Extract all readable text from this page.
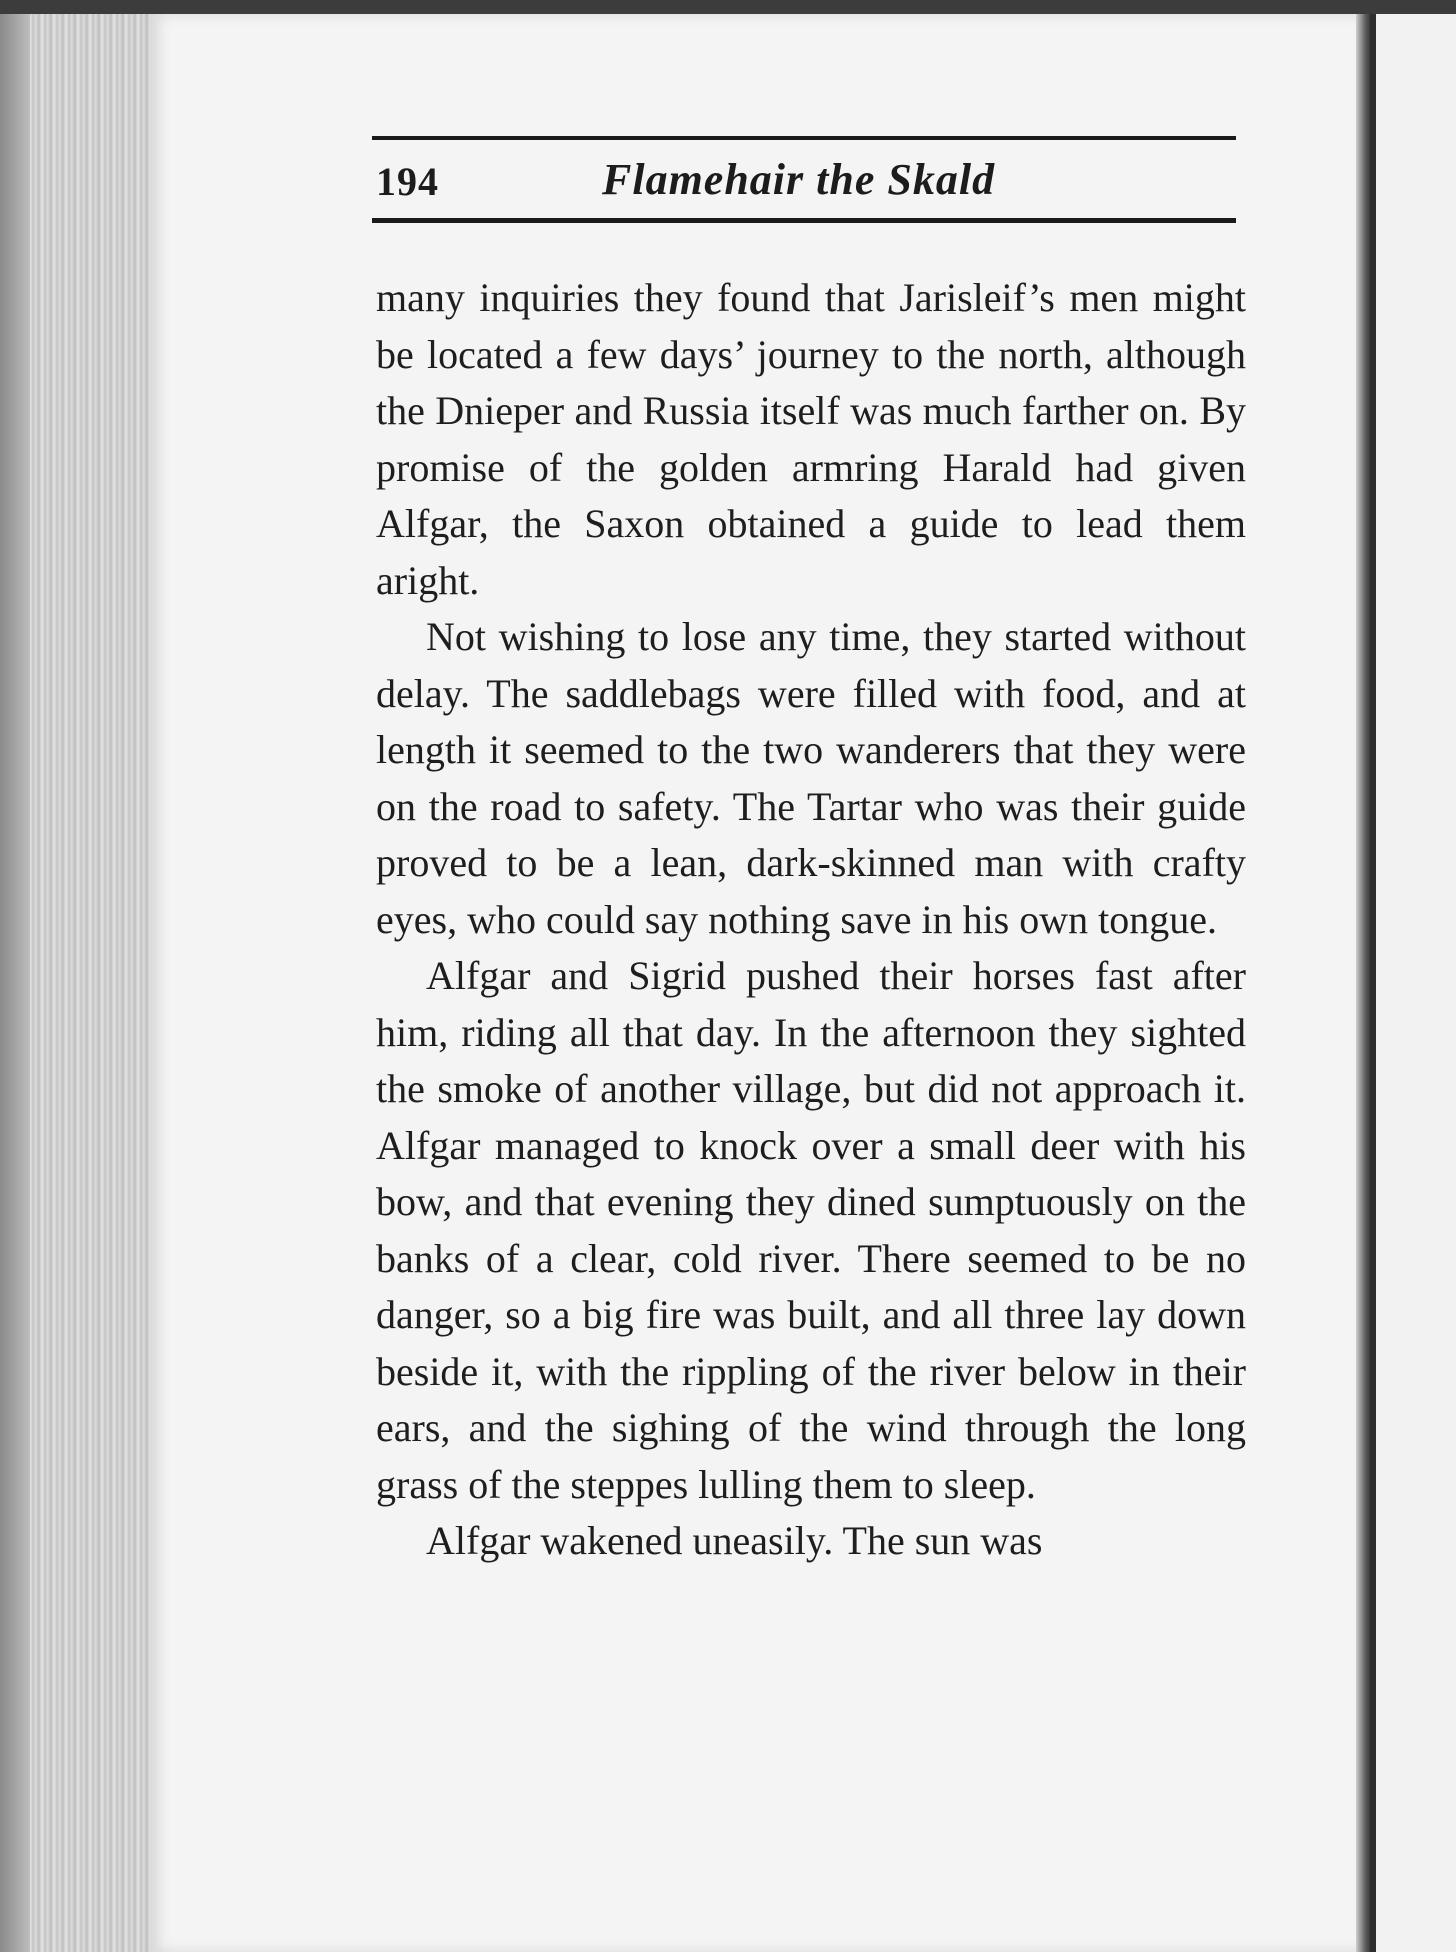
194	Flamehair the Skald

many inquiries they found that Jarisleif’s men might be located a few days’ journey to the north, although the Dnieper and Russia itself was much farther on. By promise of the golden armring Harald had given Alfgar, the Saxon obtained a guide to lead them aright.

Not wishing to lose any time, they started without delay. The saddlebags were filled with food, and at length it seemed to the two wanderers that they were on the road to safety. The Tartar who was their guide proved to be a lean, dark-skinned man with crafty eyes, who could say nothing save in his own tongue.

Alfgar and Sigrid pushed their horses fast after him, riding all that day. In the afternoon they sighted the smoke of another village, but did not approach it. Alfgar managed to knock over a small deer with his bow, and that evening they dined sumptuously on the banks of a clear, cold river. There seemed to be no danger, so a big fire was built, and all three lay down beside it, with the rippling of the river below in their ears, and the sighing of the wind through the long grass of the steppes lulling them to sleep.

Alfgar wakened uneasily. The sun was
